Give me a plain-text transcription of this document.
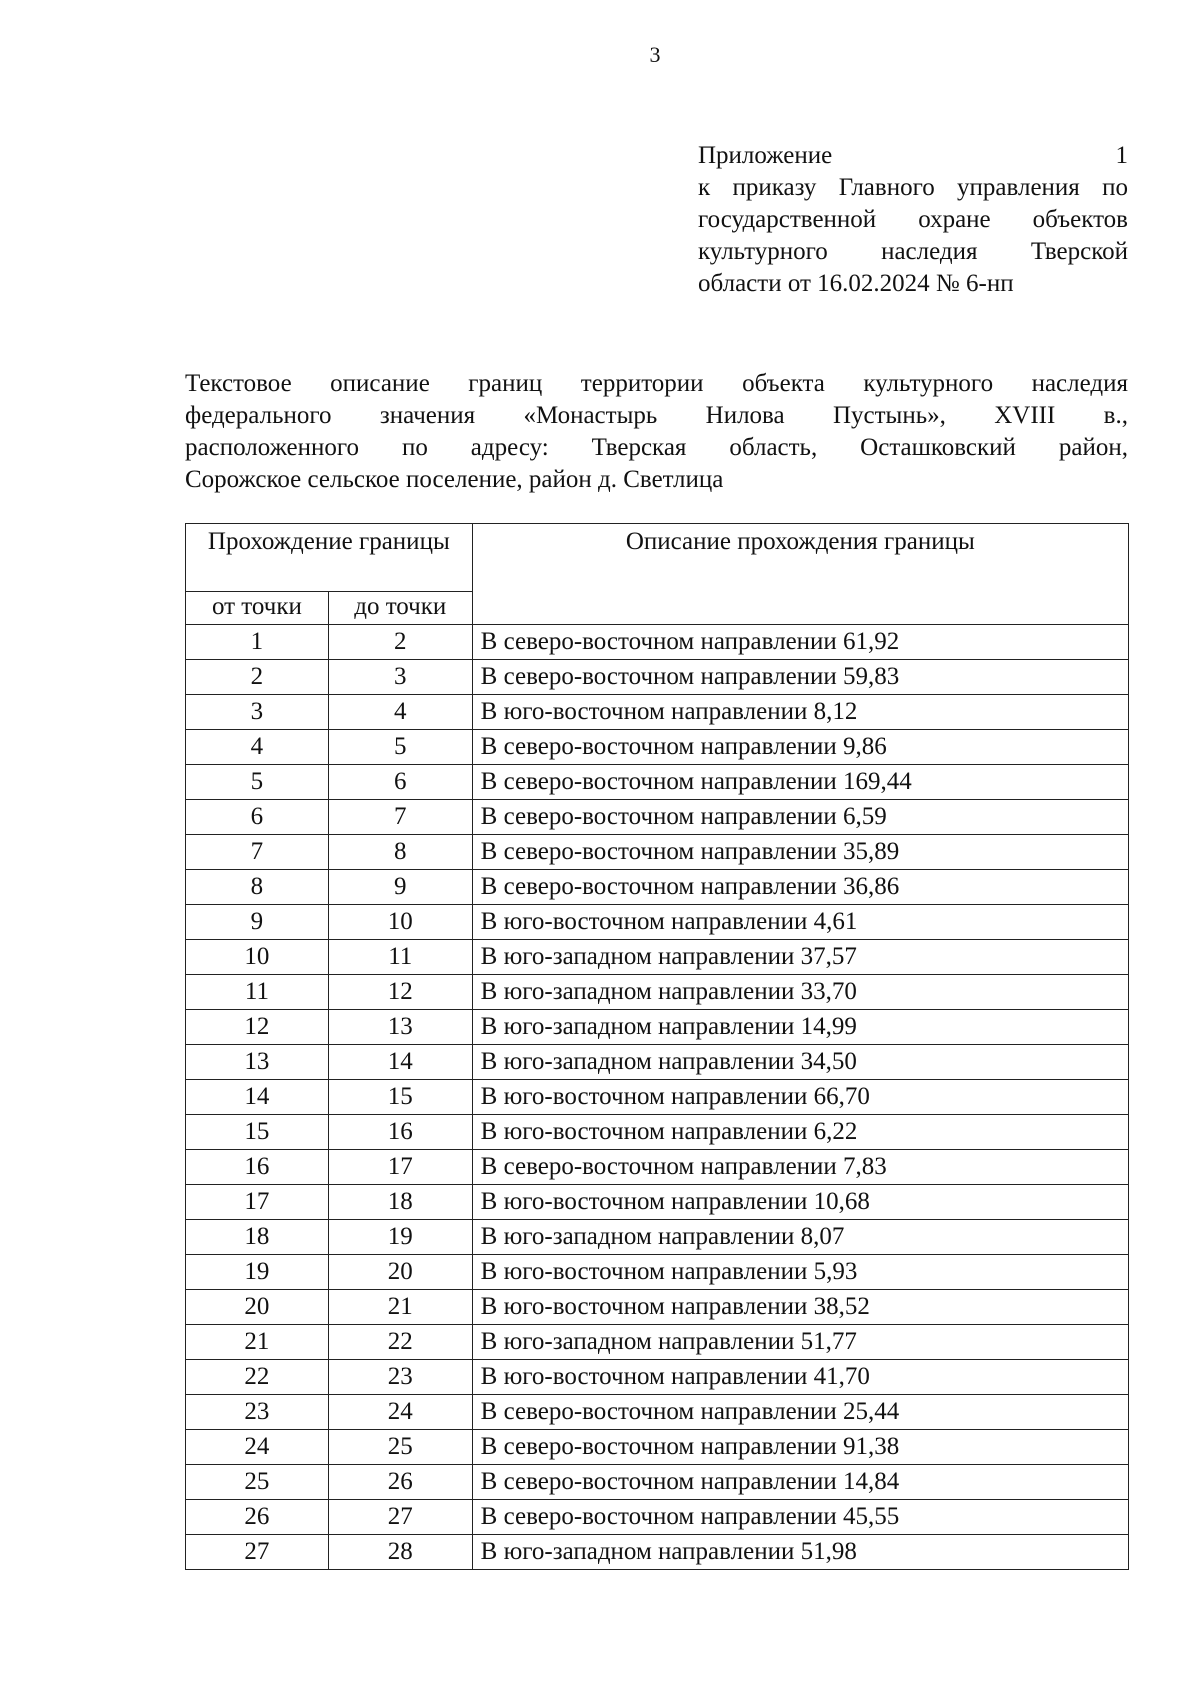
3
Приложение 1
к приказу Главного управления по
государственной охране объектов
культурного наследия Тверской
области от 16.02.2024 № 6-нп
Текстовое описание границ территории объекта культурного наследия
федерального значения «Монастырь Нилова Пустынь», XVIII в.,
расположенного по адресу: Тверская область, Осташковский район,
Сорожское сельское поселение, район д. Светлица
Прохождение границы		Описание прохождения границы
от точки	до точки	
1	2	В северо-восточном направлении 61,92
2	3	В северо-восточном направлении 59,83
3	4	В юго-восточном направлении 8,12
4	5	В северо-восточном направлении 9,86
5	6	В северо-восточном направлении 169,44
6	7	В северо-восточном направлении 6,59
7	8	В северо-восточном направлении 35,89
8	9	В северо-восточном направлении 36,86
9	10	В юго-восточном направлении 4,61
10	11	В юго-западном направлении 37,57
11	12	В юго-западном направлении 33,70
12	13	В юго-западном направлении 14,99
13	14	В юго-западном направлении 34,50
14	15	В юго-восточном направлении 66,70
15	16	В юго-восточном направлении 6,22
16	17	В северо-восточном направлении 7,83
17	18	В юго-восточном направлении 10,68
18	19	В юго-западном направлении 8,07
19	20	В юго-восточном направлении 5,93
20	21	В юго-восточном направлении 38,52
21	22	В юго-западном направлении 51,77
22	23	В юго-восточном направлении 41,70
23	24	В северо-восточном направлении 25,44
24	25	В северо-восточном направлении 91,38
25	26	В северо-восточном направлении 14,84
26	27	В северо-восточном направлении 45,55
27	28	В юго-западном направлении 51,98
